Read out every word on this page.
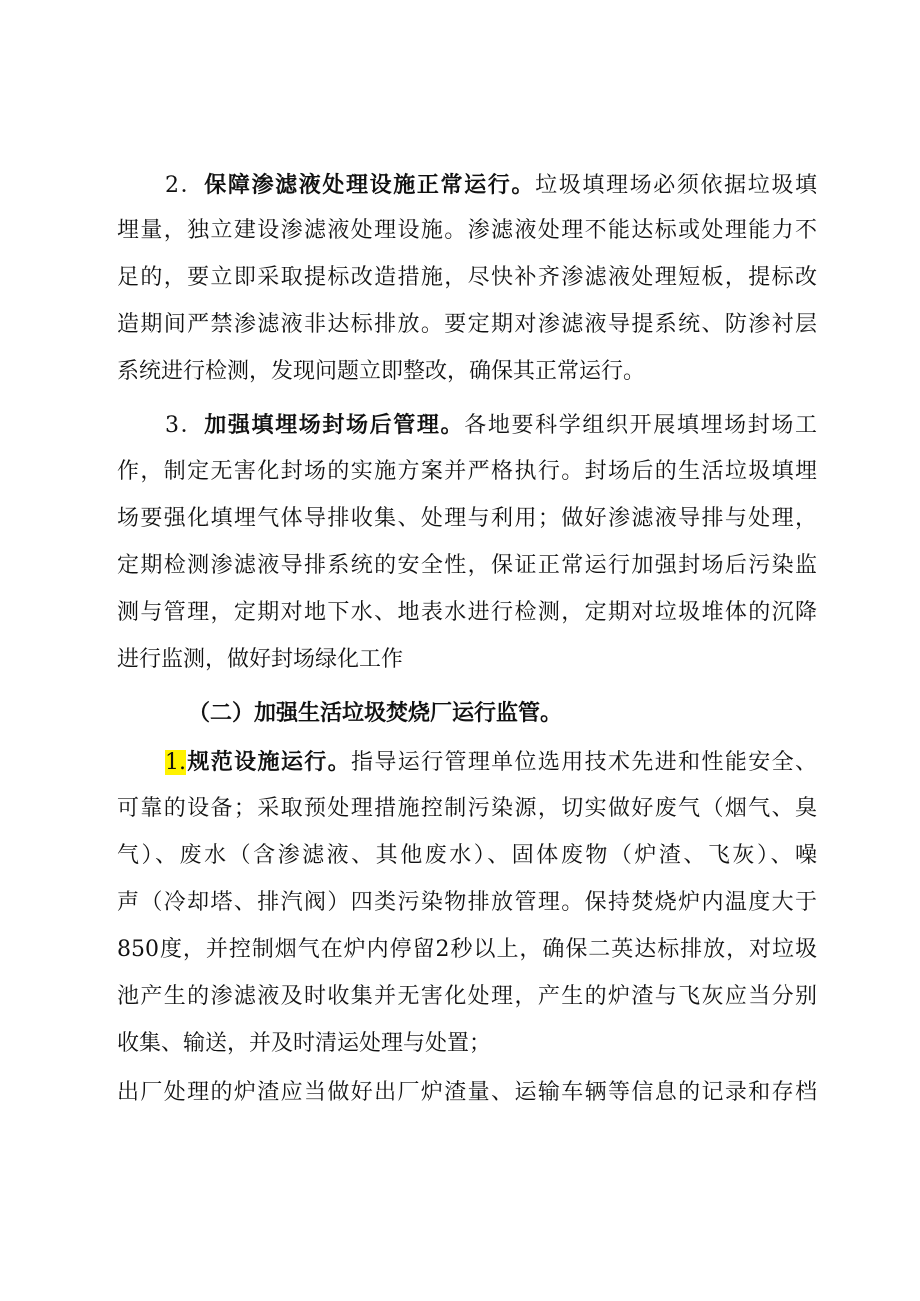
2．保障渗滤液处理设施正常运行。垃圾填理场必须依据垃圾填
埋量，独立建设渗滤液处理设施。渗滤液处理不能达标或处理能力不
足的，要立即采取提标改造措施，尽快补齐渗滤液处理短板，提标改
造期间严禁渗滤液非达标排放。要定期对渗滤液导提系统、防渗衬层
系统进行检测，发现问题立即整改，确保其正常运行。
3．加强填埋场封场后管理。各地要科学组织开展填埋场封场工
作，制定无害化封场的实施方案并严格执行。封场后的生活垃圾填埋
场要强化填埋气体导排收集、处理与利用；做好渗滤液导排与处理，
定期检测渗滤液导排系统的安全性，保证正常运行加强封场后污染监
测与管理，定期对地下水、地表水进行检测，定期对垃圾堆体的沉降
进行监测，做好封场绿化工作
（二）加强生活垃圾焚烧厂运行监管。
1.规范设施运行。指导运行管理单位选用技术先进和性能安全、
可靠的设备；采取预处理措施控制污染源，切实做好废气（烟气、臭
气）、废水（含渗滤液、其他废水）、固体废物（炉渣、飞灰）、噪
声（冷却塔、排汽阀）四类污染物排放管理。保持焚烧炉内温度大于
850度，并控制烟气在炉内停留2秒以上，确保二英达标排放，对垃圾
池产生的渗滤液及时收集并无害化处理，产生的炉渣与飞灰应当分别
收集、输送，并及时清运处理与处置；
出厂处理的炉渣应当做好出厂炉渣量、运输车辆等信息的记录和存档
